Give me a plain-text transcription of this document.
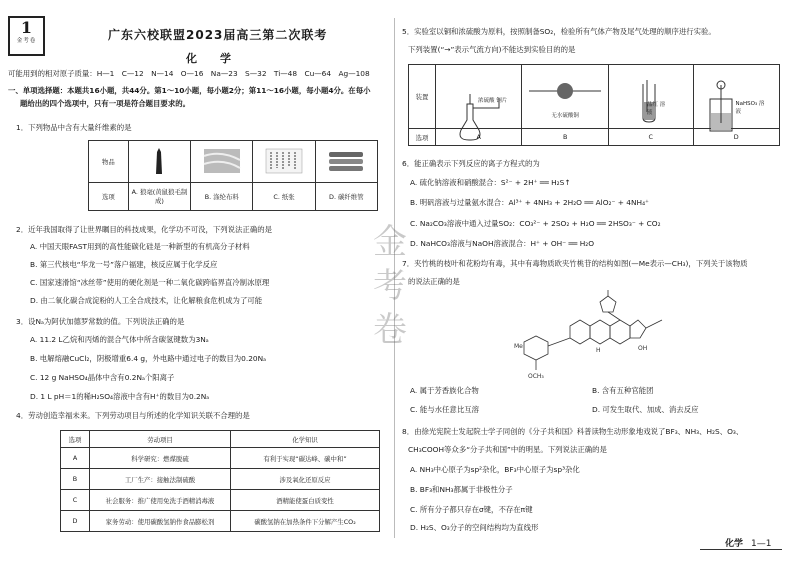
1
金考卷	广东六校联盟2023届高三第二次联考
化　学
可能用到的相对原子质量：H—1　C—12　N—14　O—16　Na—23　S—32　Ti—48　Cu—64　Ag—108
一、单项选择题：本题共16小题，共44分。第1～10小题，每小题2分；第11～16小题，每小题4分。在每小
题给出的四个选项中，只有一项是符合题目要求的。
1．下列物品中含有大量纤维素的是
物品				
选项	A. 狼毫(黄鼠狼毛制成)	B. 涤纶布料	C. 纸张	D. 碳纤维管
2．近年我国取得了让世界瞩目的科技成果，化学功不可没，下列说法正确的是
A. 中国天眼FAST用到的高性能碳化硅是一种新型的有机高分子材料
B. 第三代核电“华龙一号”落户福建，核反应属于化学反应
C. 国家速滑馆“冰丝带”使用的硬化剂是一种二氧化碳跨临界直冷制冰原理
D. 由二氧化碳合成淀粉的人工全合成技术，让化解粮食危机成为了可能
3．设Nₐ为阿伏加德罗常数的值。下列说法正确的是
A. 11.2 L乙烷和丙烯的混合气体中所含碳氢键数为3Nₐ
B. 电解熔融CuCl₂，阴极增重6.4 g，外电路中通过电子的数目为0.20Nₐ
C. 12 g NaHSO₄晶体中含有0.2Nₐ个阳离子
D. 1 L pH＝1的稀H₂SO₄溶液中含有H⁺的数目为0.2Nₐ
4．劳动创造幸福未来。下列劳动项目与所述的化学知识关联不合理的是
选项	劳动项目	化学知识
A	科学研究：燃煤脱硫	有利于实现“碳达峰、碳中和”
B	工厂生产：接触法制硫酸	涉及氧化还原反应
C	社会服务：推广使用免洗手酒精消毒液	酒精能使蛋白质变性
D	家务劳动：使用碳酸氢钠作食品膨松剂	碳酸氢钠在加热条件下分解产生CO₂
金
考
卷
5．实验室以铜和浓硫酸为原料，按照制备SO₂，检验所有气体产物及尾气处理的顺序进行实验。
下列装置(“→”表示气流方向)不能达到实验目的的是
装置	浓硫酸 铜片	无水硫酸铜	品红 溶液	NaHSO₃ 溶液

选项	A	B	C	D
6．能正确表示下列反应的离子方程式的为
A. 硫化钠溶液和硝酸混合：S²⁻ + 2H⁺ ══ H₂S↑
B. 明矾溶液与过量氨水混合：Al³⁺ + 4NH₃ + 2H₂O ══ AlO₂⁻ + 4NH₄⁺
C. Na₂CO₃溶液中通入过量SO₂：CO₃²⁻ + 2SO₂ + H₂O ══ 2HSO₃⁻ + CO₂
D. NaHCO₃溶液与NaOH溶液混合：H⁺ + OH⁻ ══ H₂O
7．夹竹桃的枝叶和花粉均有毒，其中有毒物质欧夹竹桃苷的结构如图(—Me表示—CH₃)，下列关于该物质
的说法正确的是
Me
OCH₃
OH
H
A. 属于芳香族化合物	B. 含有五种官能团
C. 能与水任意比互溶	D. 可发生取代、加成、消去反应
8．由徐光宪院士发起院士学子同创的《分子共和国》科普读物生动形象地戏说了BF₃、NH₃、H₂S、O₃、
CH₃COOH等众多“分子共和国”中的明星。下列说法正确的是
A. NH₃中心原子为sp²杂化，BF₃中心原子为sp³杂化
B. BF₃和NH₃都属于非极性分子
C. 所有分子都只存在σ键，不存在π键
D. H₂S、O₃分子的空间结构均为直线形
化学 1—1
